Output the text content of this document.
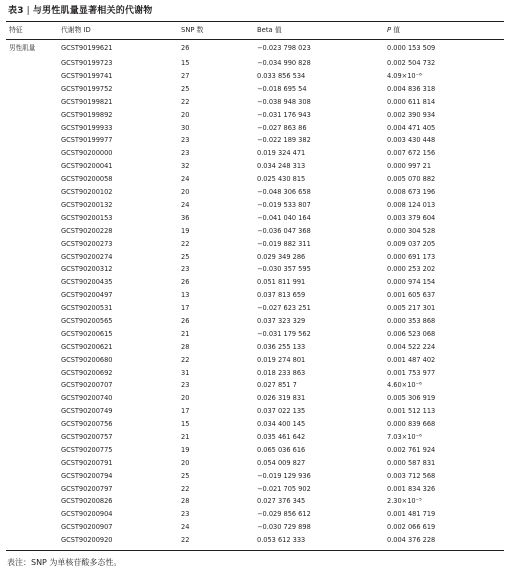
表3 | 与男性肌量显著相关的代谢物
特征	代谢物 ID	SNP 数	Beta 值	P 值
男性肌量	GCST90199621	26	−0.023 798 023	0.000 153 509
	GCST90199723	15	−0.034 990 828	0.002 504 732
	GCST90199741	27	0.033 856 534	4.09×10⁻⁶
	GCST90199752	25	−0.018 695 54	0.004 836 318
	GCST90199821	22	−0.038 948 308	0.000 611 814
	GCST90199892	20	−0.031 176 943	0.002 390 934
	GCST90199933	30	−0.027 863 86	0.004 471 405
	GCST90199977	23	−0.022 189 382	0.003 430 448
	GCST90200000	23	0.019 324 471	0.007 672 156
	GCST90200041	32	0.034 248 313	0.000 997 21
	GCST90200058	24	0.025 430 815	0.005 070 882
	GCST90200102	20	−0.048 306 658	0.008 673 196
	GCST90200132	24	−0.019 533 807	0.008 124 013
	GCST90200153	36	−0.041 040 164	0.003 379 604
	GCST90200228	19	−0.036 047 368	0.000 304 528
	GCST90200273	22	−0.019 882 311	0.009 037 205
	GCST90200274	25	0.029 349 286	0.000 691 173
	GCST90200312	23	−0.030 357 595	0.000 253 202
	GCST90200435	26	0.051 811 991	0.000 974 154
	GCST90200497	13	0.037 813 659	0.001 605 637
	GCST90200531	17	−0.027 623 251	0.005 217 301
	GCST90200565	26	0.037 323 329	0.000 353 868
	GCST90200615	21	−0.031 179 562	0.006 523 068
	GCST90200621	28	0.036 255 133	0.004 522 224
	GCST90200680	22	0.019 274 801	0.001 487 402
	GCST90200692	31	0.018 233 863	0.001 753 977
	GCST90200707	23	0.027 851 7	4.60×10⁻⁶
	GCST90200740	20	0.026 319 831	0.005 306 919
	GCST90200749	17	0.037 022 135	0.001 512 113
	GCST90200756	15	0.034 400 145	0.000 839 668
	GCST90200757	21	0.035 461 642	7.03×10⁻⁶
	GCST90200775	19	0.065 036 616	0.002 761 924
	GCST90200791	20	0.054 009 827	0.000 587 831
	GCST90200794	25	−0.019 129 936	0.003 712 568
	GCST90200797	22	−0.021 705 902	0.001 834 326
	GCST90200826	28	0.027 376 345	2.30×10⁻⁵
	GCST90200904	23	−0.029 856 612	0.001 481 719
	GCST90200907	24	−0.030 729 898	0.002 066 619
	GCST90200920	22	0.053 612 333	0.004 376 228
表注：SNP 为单核苷酸多态性。
